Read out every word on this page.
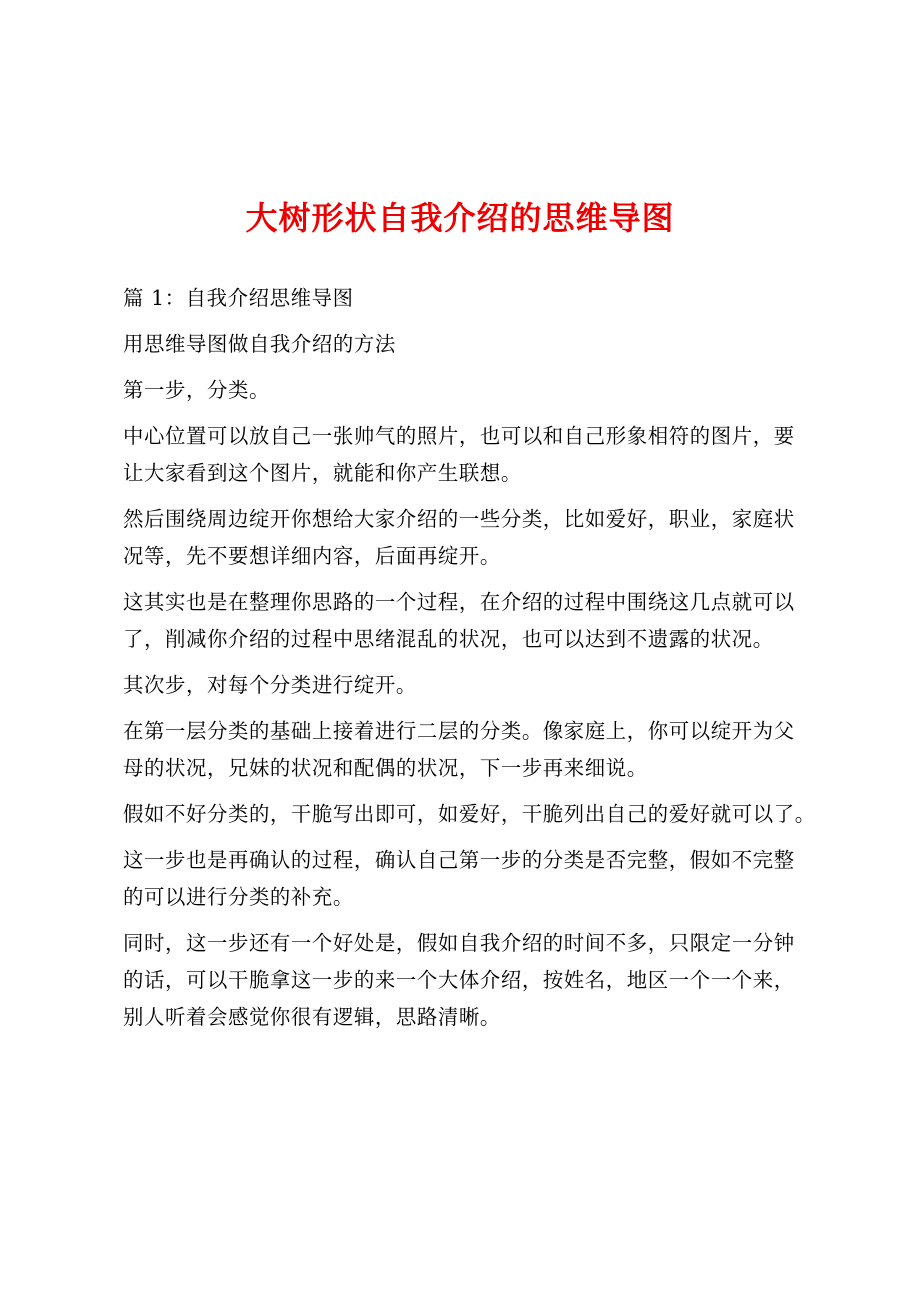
大树形状自我介绍的思维导图
篇 1：自我介绍思维导图
用思维导图做自我介绍的方法
第一步，分类。
中心位置可以放自己一张帅气的照片，也可以和自己形象相符的图片，要
让大家看到这个图片，就能和你产生联想。
然后围绕周边绽开你想给大家介绍的一些分类，比如爱好，职业，家庭状
况等，先不要想详细内容，后面再绽开。
这其实也是在整理你思路的一个过程，在介绍的过程中围绕这几点就可以
了，削减你介绍的过程中思绪混乱的状况，也可以达到不遗露的状况。
其次步，对每个分类进行绽开。
在第一层分类的基础上接着进行二层的分类。像家庭上，你可以绽开为父
母的状况，兄妹的状况和配偶的状况，下一步再来细说。
假如不好分类的，干脆写出即可，如爱好，干脆列出自己的爱好就可以了。
这一步也是再确认的过程，确认自己第一步的分类是否完整，假如不完整
的可以进行分类的补充。
同时，这一步还有一个好处是，假如自我介绍的时间不多，只限定一分钟
的话，可以干脆拿这一步的来一个大体介绍，按姓名，地区一个一个来，
别人听着会感觉你很有逻辑，思路清晰。
